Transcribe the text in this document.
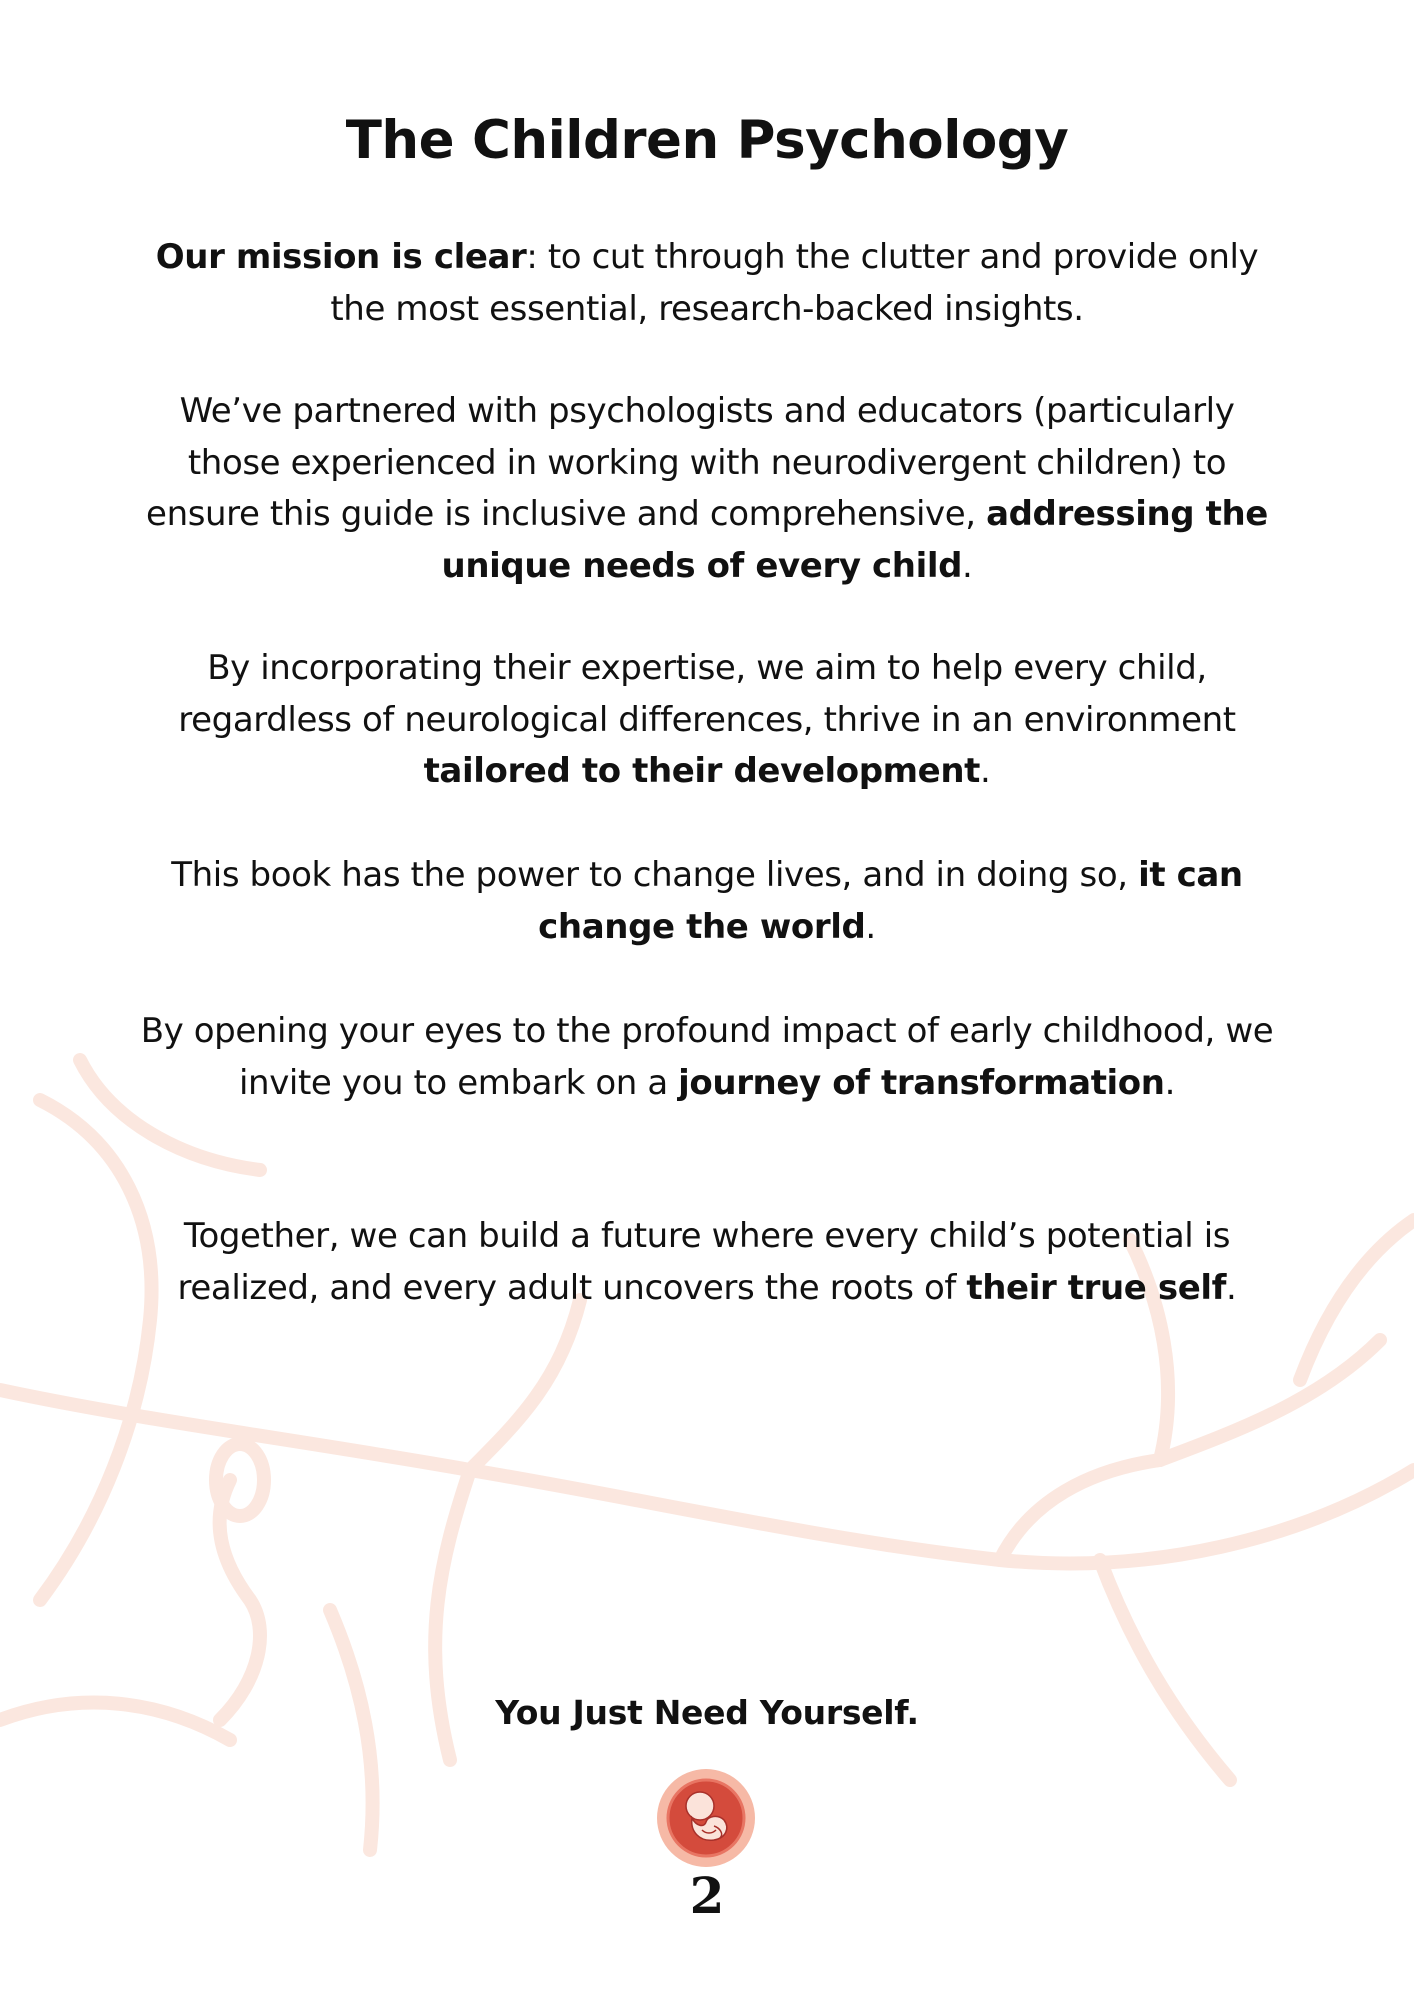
The Children Psychology

Our mission is clear: to cut through the clutter and provide only the most essential, research-backed insights.

We’ve partnered with psychologists and educators (particularly those experienced in working with neurodivergent children) to ensure this guide is inclusive and comprehensive, addressing the unique needs of every child.

By incorporating their expertise, we aim to help every child, regardless of neurological differences, thrive in an environment tailored to their development.

This book has the power to change lives, and in doing so, it can change the world.

By opening your eyes to the profound impact of early childhood, we invite you to embark on a journey of transformation.

Together, we can build a future where every child’s potential is realized, and every adult uncovers the roots of their true self.

You Just Need Yourself.

2
